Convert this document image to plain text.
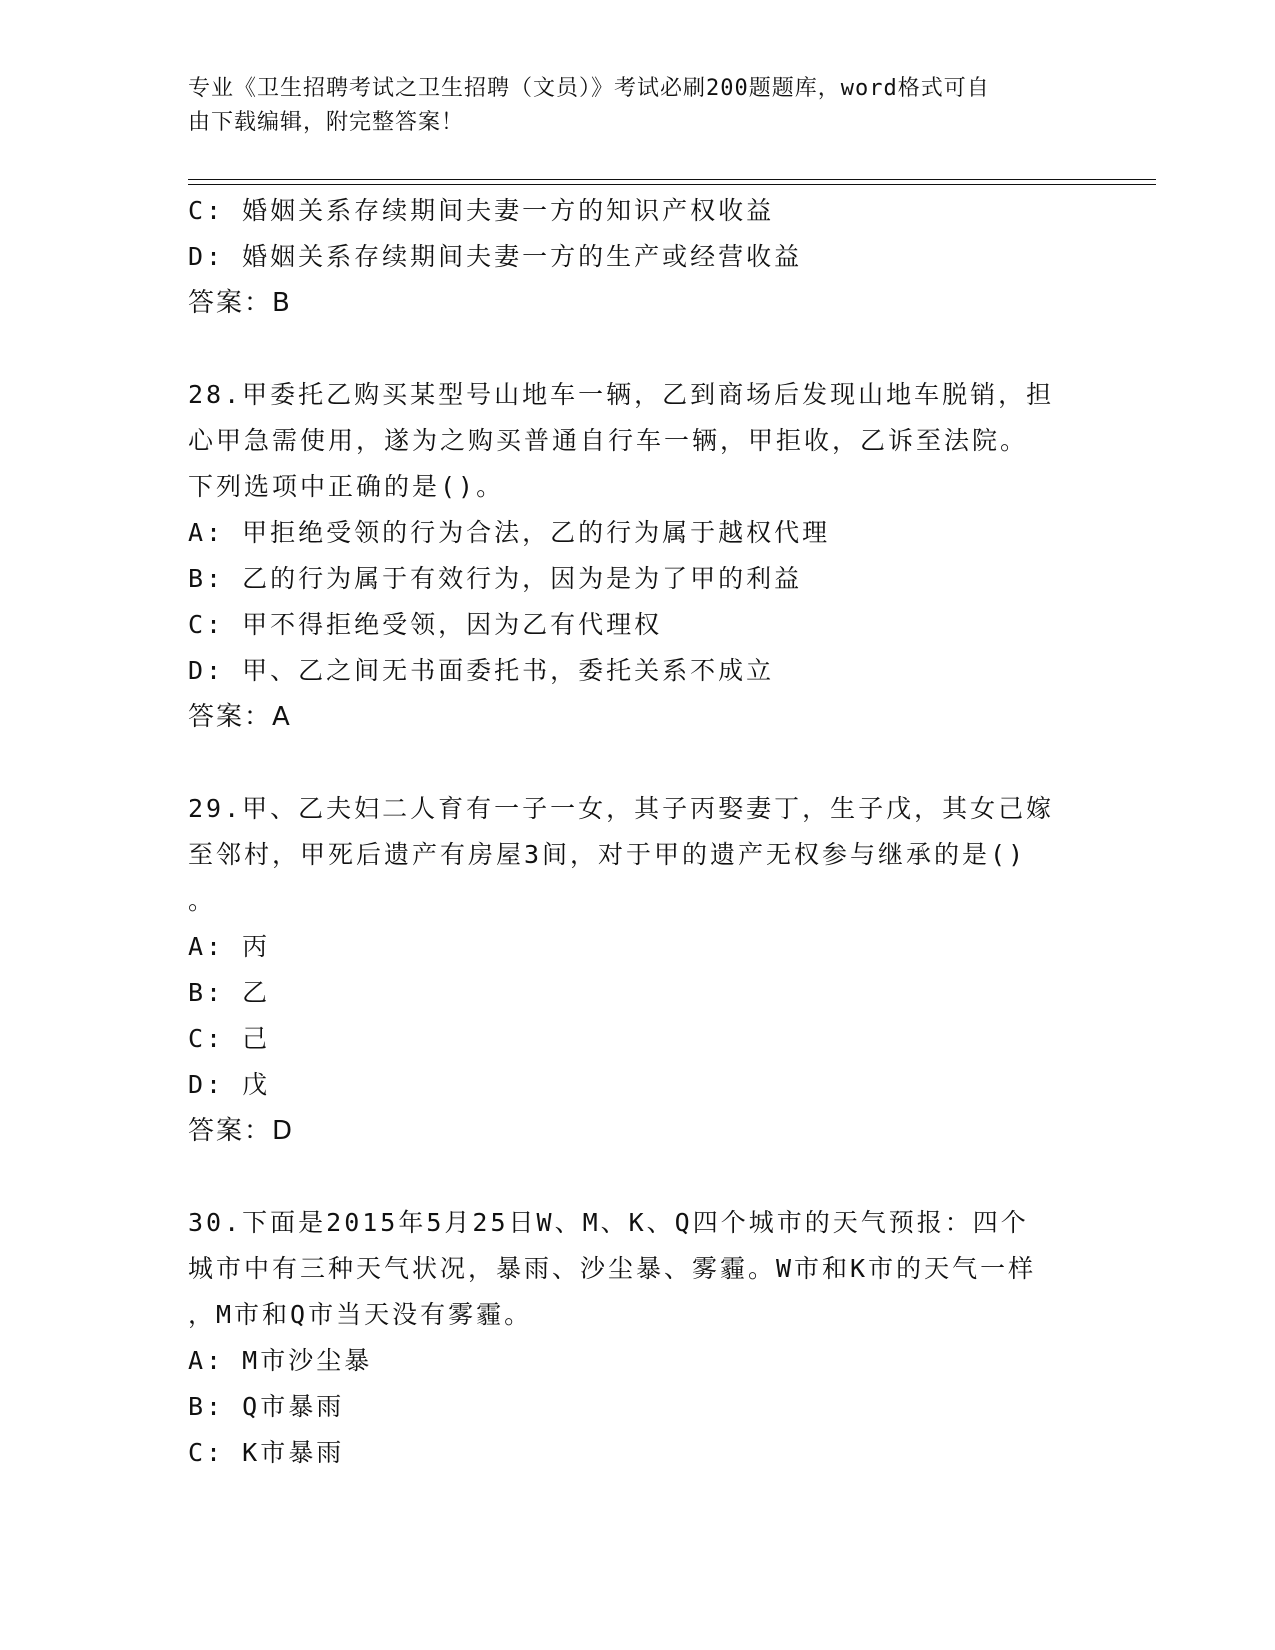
专业《卫生招聘考试之卫生招聘（文员）》考试必刷200题题库，word格式可自
由下载编辑，附完整答案！
C: 婚姻关系存续期间夫妻一方的知识产权收益
D: 婚姻关系存续期间夫妻一方的生产或经营收益
答案：B
28.甲委托乙购买某型号山地车一辆，乙到商场后发现山地车脱销，担
心甲急需使用，遂为之购买普通自行车一辆，甲拒收，乙诉至法院。
下列选项中正确的是()。
A: 甲拒绝受领的行为合法，乙的行为属于越权代理
B: 乙的行为属于有效行为，因为是为了甲的利益
C: 甲不得拒绝受领，因为乙有代理权
D: 甲、乙之间无书面委托书，委托关系不成立
答案：A
29.甲、乙夫妇二人育有一子一女，其子丙娶妻丁，生子戊，其女己嫁
至邻村，甲死后遗产有房屋3间，对于甲的遗产无权参与继承的是()
。
A: 丙
B: 乙
C: 己
D: 戊
答案：D
30.下面是2015年5月25日W、M、K、Q四个城市的天气预报：四个
城市中有三种天气状况，暴雨、沙尘暴、雾霾。W市和K市的天气一样
，M市和Q市当天没有雾霾。
A: M市沙尘暴
B: Q市暴雨
C: K市暴雨
